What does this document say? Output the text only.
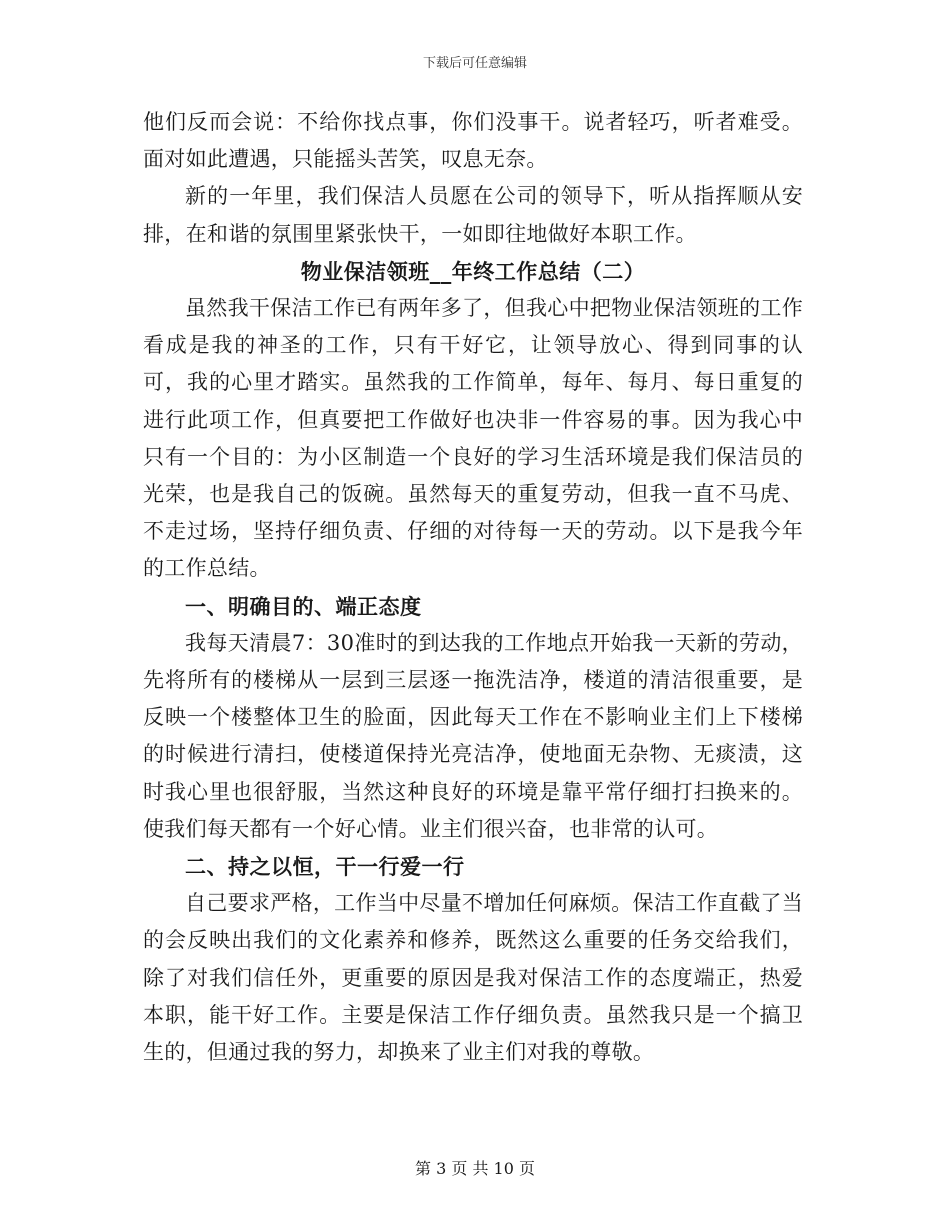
下载后可任意编辑

他们反而会说：不给你找点事，你们没事干。说者轻巧，听者难受。面对如此遭遇，只能摇头苦笑，叹息无奈。

新的一年里，我们保洁人员愿在公司的领导下，听从指挥顺从安排，在和谐的氛围里紧张快干，一如即往地做好本职工作。

物业保洁领班__年终工作总结（二）

虽然我干保洁工作已有两年多了，但我心中把物业保洁领班的工作看成是我的神圣的工作，只有干好它，让领导放心、得到同事的认可，我的心里才踏实。虽然我的工作简单，每年、每月、每日重复的进行此项工作，但真要把工作做好也决非一件容易的事。因为我心中只有一个目的：为小区制造一个良好的学习生活环境是我们保洁员的光荣，也是我自己的饭碗。虽然每天的重复劳动，但我一直不马虎、不走过场，坚持仔细负责、仔细的对待每一天的劳动。以下是我今年的工作总结。

一、明确目的、端正态度

我每天清晨7：30准时的到达我的工作地点开始我一天新的劳动，先将所有的楼梯从一层到三层逐一拖洗洁净，楼道的清洁很重要，是反映一个楼整体卫生的脸面，因此每天工作在不影响业主们上下楼梯的时候进行清扫，使楼道保持光亮洁净，使地面无杂物、无痰渍，这时我心里也很舒服，当然这种良好的环境是靠平常仔细打扫换来的。使我们每天都有一个好心情。业主们很兴奋，也非常的认可。

二、持之以恒，干一行爱一行

自己要求严格，工作当中尽量不增加任何麻烦。保洁工作直截了当的会反映出我们的文化素养和修养，既然这么重要的任务交给我们，除了对我们信任外，更重要的原因是我对保洁工作的态度端正，热爱本职，能干好工作。主要是保洁工作仔细负责。虽然我只是一个搞卫生的，但通过我的努力，却换来了业主们对我的尊敬。

第 3 页 共 10 页
